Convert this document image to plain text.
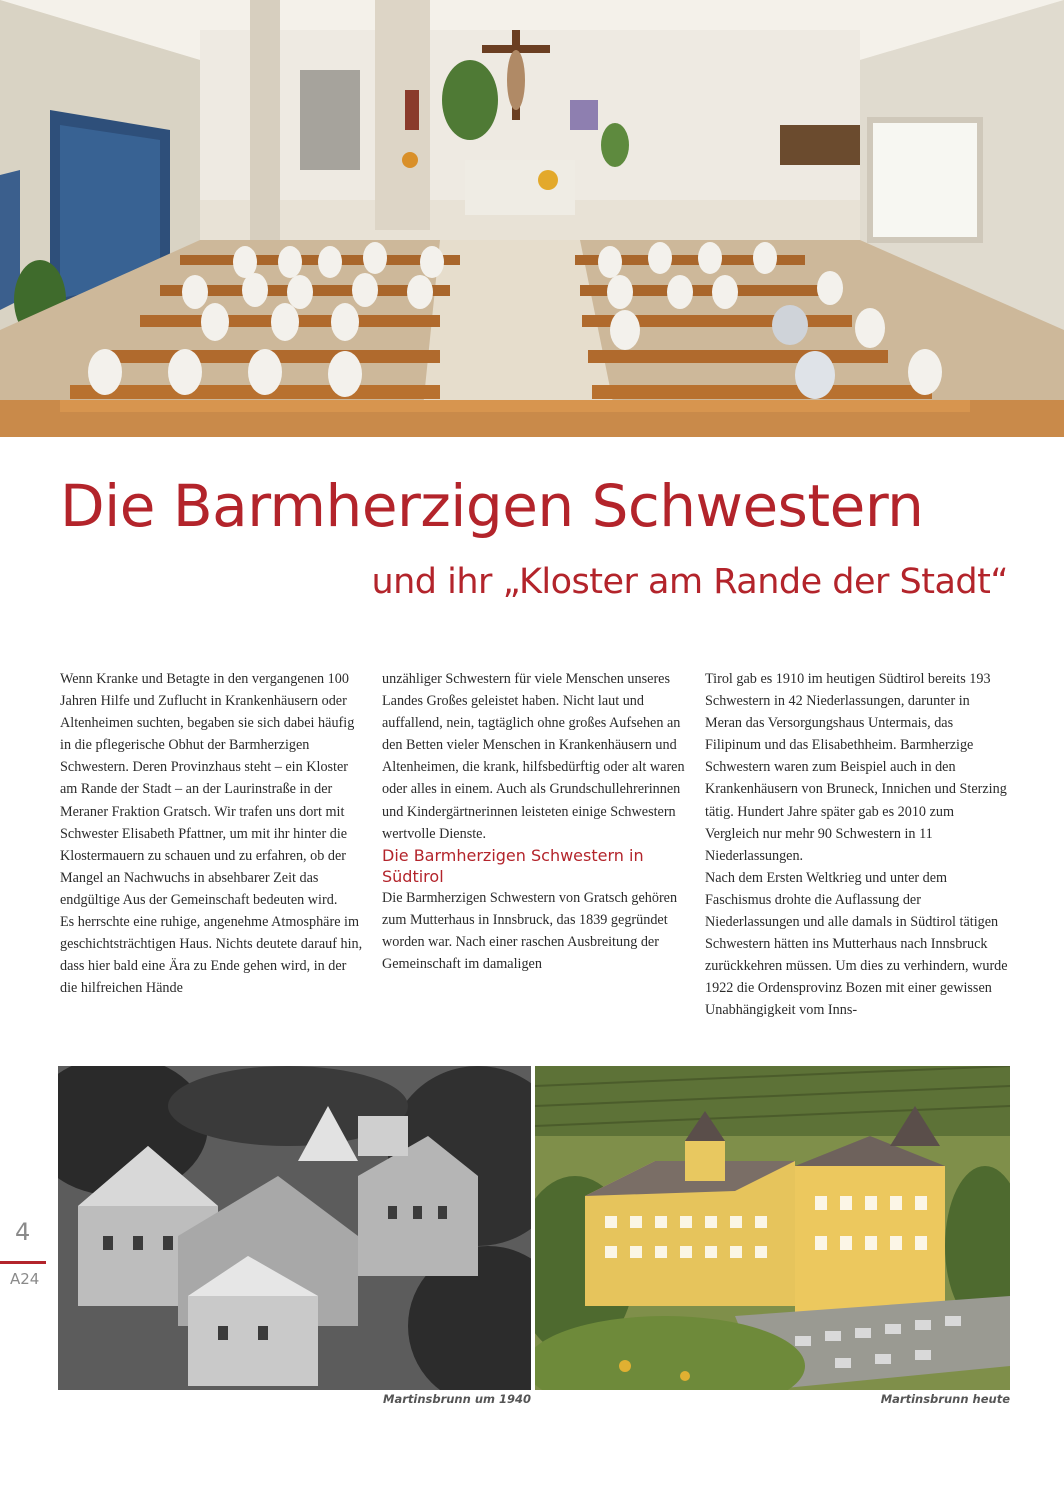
Die Barmherzigen Schwestern
und ihr „Kloster am Rande der Stadt“

Wenn Kranke und Betagte in den vergangenen 100 Jahren Hilfe und Zuflucht in Krankenhäusern oder Altenheimen suchten, begaben sie sich dabei häufig in die pflegerische Obhut der Barmherzigen Schwestern. Deren Provinzhaus steht – ein Kloster am Rande der Stadt – an der Laurinstraße in der Meraner Fraktion Gratsch. Wir trafen uns dort mit Schwester Elisabeth Pfattner, um mit ihr hinter die Klostermauern zu schauen und zu erfahren, ob der Mangel an Nachwuchs in absehbarer Zeit das endgültige Aus der Gemeinschaft bedeuten wird.

Es herrschte eine ruhige, angenehme Atmosphäre im geschichtsträchtigen Haus. Nichts deutete darauf hin, dass hier bald eine Ära zu Ende gehen wird, in der die hilfreichen Hände

unzähliger Schwestern für viele Menschen unseres Landes Großes geleistet haben. Nicht laut und auffallend, nein, tagtäglich ohne großes Aufsehen an den Betten vieler Menschen in Krankenhäusern und Altenheimen, die krank, hilfsbedürftig oder alt waren oder alles in einem. Auch als Grundschullehrerinnen und Kindergärtnerinnen leisteten einige Schwestern wertvolle Dienste.

Die Barmherzigen Schwestern in Südtirol

Die Barmherzigen Schwestern von Gratsch gehören zum Mutterhaus in Innsbruck, das 1839 gegründet worden war. Nach einer raschen Ausbreitung der Gemeinschaft im damaligen

Tirol gab es 1910 im heutigen Südtirol bereits 193 Schwestern in 42 Niederlassungen, darunter in Meran das Versorgungshaus Untermais, das Filipinum und das Elisabethheim. Barmherzige Schwestern waren zum Beispiel auch in den Krankenhäusern von Bruneck, Innichen und Sterzing tätig. Hundert Jahre später gab es 2010 zum Vergleich nur mehr 90 Schwestern in 11 Niederlassungen.

Nach dem Ersten Weltkrieg und unter dem Faschismus drohte die Auflassung der Niederlassungen und alle damals in Südtirol tätigen Schwestern hätten ins Mutterhaus nach Innsbruck zurückkehren müssen. Um dies zu verhindern, wurde 1922 die Ordensprovinz Bozen mit einer gewissen Unabhängigkeit vom Inns-

Martinsbrunn um 1940	Martinsbrunn heute
4
A24
